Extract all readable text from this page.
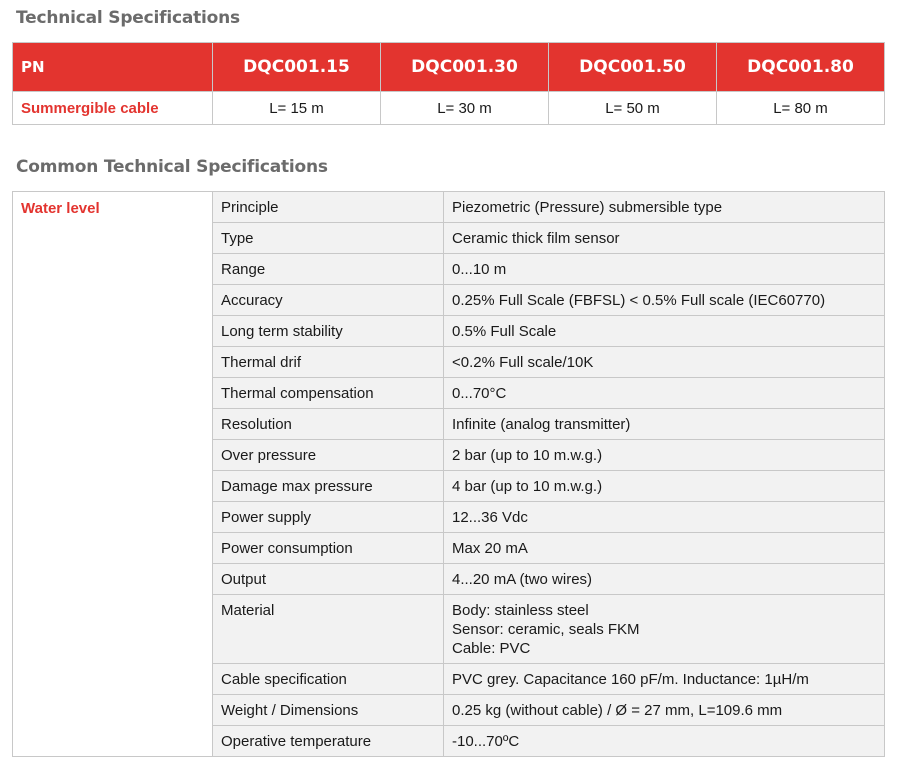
Technical Specifications
PN	DQC001.15	DQC001.30	DQC001.50	DQC001.80
Summergible cable	L= 15 m	L= 30 m	L= 50 m	L= 80 m
Common Technical Specifications
Water level	Principle	Piezometric (Pressure) submersible type

	Type	Ceramic thick film sensor

	Range	0...10 m

	Accuracy	0.25% Full Scale (FBFSL) < 0.5% Full scale (IEC60770)

	Long term stability	0.5% Full Scale

	Thermal drif	<0.2% Full scale/10K

	Thermal compensation	0...70°C

	Resolution	Infinite (analog transmitter)

	Over pressure	2 bar (up to 10 m.w.g.)

	Damage max pressure	4 bar (up to 10 m.w.g.)

	Power supply	12...36 Vdc

	Power consumption	Max 20 mA

	Output	4...20 mA (two wires)

	Material	Body: stainless steel
Sensor: ceramic, seals FKM
Cable: PVC

	Cable specification	PVC grey. Capacitance 160 pF/m. Inductance: 1µH/m

	Weight / Dimensions	0.25 kg (without cable) / Ø = 27 mm, L=109.6 mm

	Operative temperature	-10...70ºC
